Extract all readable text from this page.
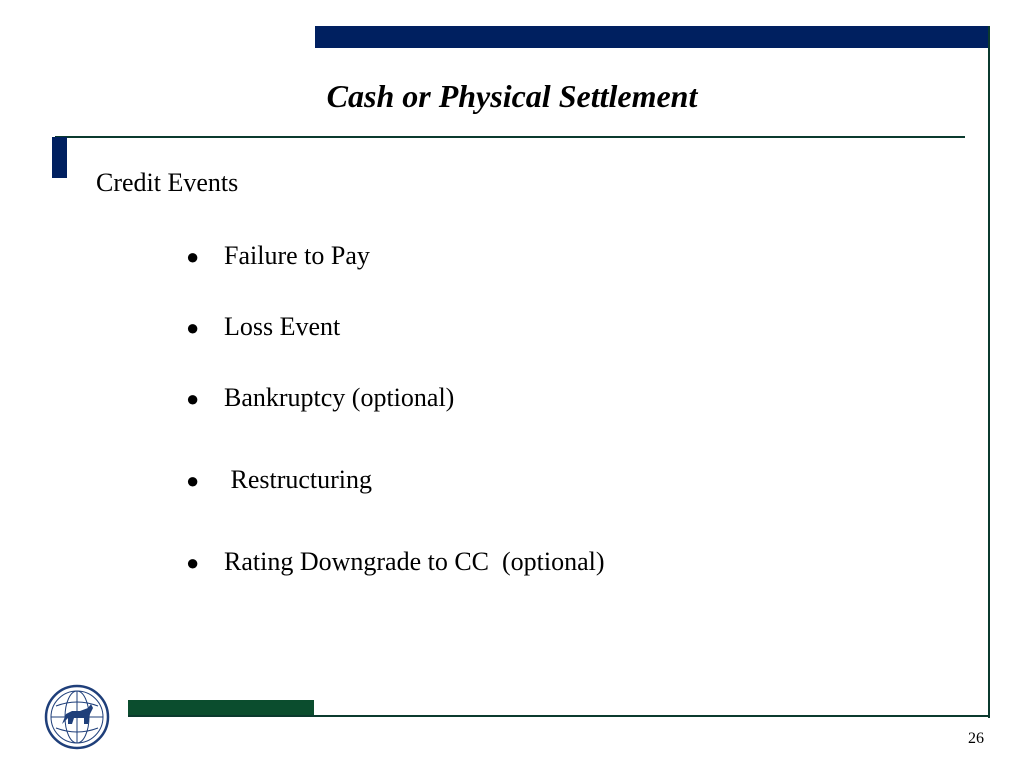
Cash or Physical Settlement
Credit Events

● Failure to Pay

● Loss Event

● Bankruptcy (optional)

● Restructuring

● Rating Downgrade to CC  (optional)

26
